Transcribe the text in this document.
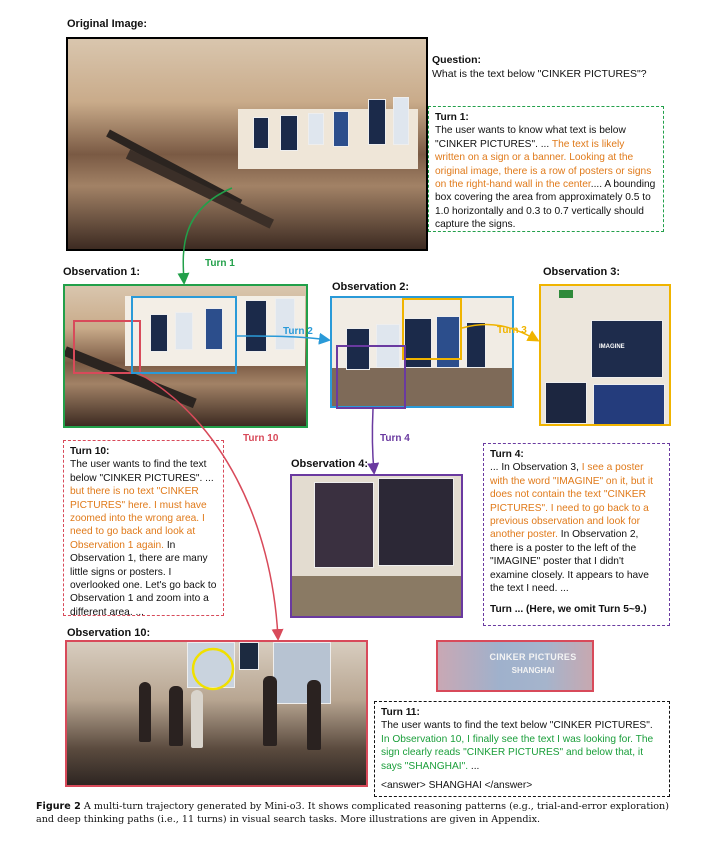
Original Image:
Observation 1:
Observation 2:
Observation 3:
Observation 4:
Observation 10:
Question:
What is the text below "CINKER PICTURES"?
Turn 1:
The user wants to know what text is below "CINKER PICTURES". ... The text is likely written on a sign or a banner. Looking at the original image, there is a row of posters or signs on the right-hand wall in the center.... A bounding box covering the area from approximately 0.5 to 1.0 horizontally and 0.3 to 0.7 vertically should capture the signs.
IMAGINE
Turn 10:
The user wants to find the text below "CINKER PICTURES". ... but there is no text "CINKER PICTURES" here. I must have zoomed into the wrong area. I need to go back and look at Observation 1 again. In Observation 1, there are many little signs or posters. I overlooked one. Let's go back to Observation 1 and zoom into a different area. ...
Turn 4:
... In Observation 3, I see a poster with the word "IMAGINE" on it, but it does not contain the text "CINKER PICTURES". I need to go back to a previous observation and look for another poster. In Observation 2, there is a poster to the left of the "IMAGINE" poster that I didn't examine closely. It appears to have the text I need. ...
Turn ... (Here, we omit Turn 5~9.)
CINKER PICTURES
SHANGHAI
Turn 11:
The user wants to find the text below "CINKER PICTURES". In Observation 10, I finally see the text I was looking for. The sign clearly reads "CINKER PICTURES" and below that, it says "SHANGHAI". ...
<answer> SHANGHAI </answer>
Turn 1
Turn 2	Turn 3
Turn 4
Turn 10
Figure 2 A multi-turn trajectory generated by Mini-o3. It shows complicated reasoning patterns (e.g., trial-and-error exploration) and deep thinking paths (i.e., 11 turns) in visual search tasks. More illustrations are given in Appendix.
